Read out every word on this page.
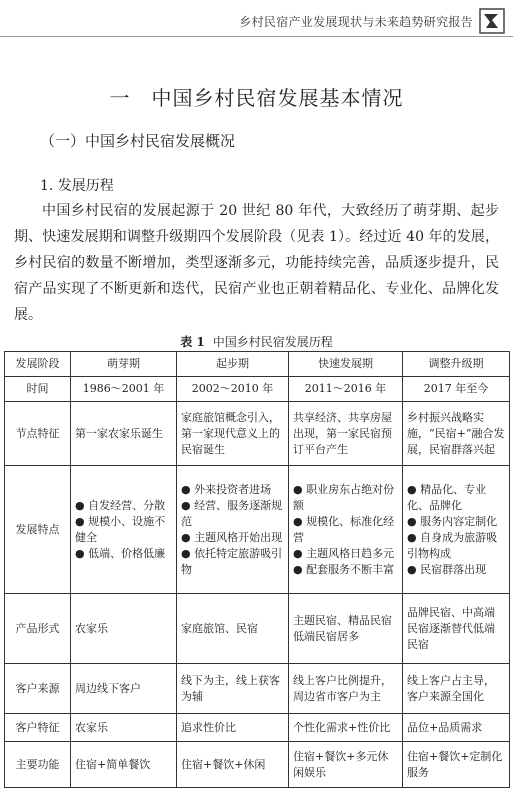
乡村民宿产业发展现状与未来趋势研究报告
一　中国乡村民宿发展基本情况
（一）中国乡村民宿发展概况
1. 发展历程
中国乡村民宿的发展起源于 20 世纪 80 年代，大致经历了萌芽期、起步期、快速发展期和调整升级期四个发展阶段（见表 1）。经过近 40 年的发展，乡村民宿的数量不断增加，类型逐渐多元，功能持续完善，品质逐步提升，民宿产品实现了不断更新和迭代，民宿产业也正朝着精品化、专业化、品牌化发展。
表 1 中国乡村民宿发展历程
发展阶段	萌芽期	起步期	快速发展期	调整升级期
时间	1986～2001 年	2002～2010 年	2011～2016 年	2017 年至今
节点特征	第一家农家乐诞生	家庭旅馆概念引入，第一家现代意义上的民宿诞生	共享经济、共享房屋出现，第一家民宿预订平台产生	乡村振兴战略实施，“民宿+”融合发展，民宿群落兴起

发展特点	● 自发经营、分散
● 规模小、设施不健全
● 低端、价格低廉	● 外来投资者进场
● 经营、服务逐渐规范
● 主题风格开始出现
● 依托特定旅游吸引物	● 职业房东占绝对份额
● 规模化、标准化经营
● 主题风格日趋多元
● 配套服务不断丰富	● 精品化、专业化、品牌化
● 服务内容定制化
● 自身成为旅游吸引物构成
● 民宿群落出现

产品形式	农家乐	家庭旅馆、民宿	主题民宿、精品民宿低端民宿居多	品牌民宿、中高端民宿逐渐替代低端民宿

客户来源	周边线下客户	线下为主，线上获客为辅	线上客户比例提升，周边省市客户为主	线上客户占主导，客户来源全国化

客户特征	农家乐	追求性价比	个性化需求+性价比	品位+品质需求

主要功能	住宿+简单餐饮	住宿+餐饮+休闲	住宿+餐饮+多元休闲娱乐	住宿+餐饮+定制化服务
